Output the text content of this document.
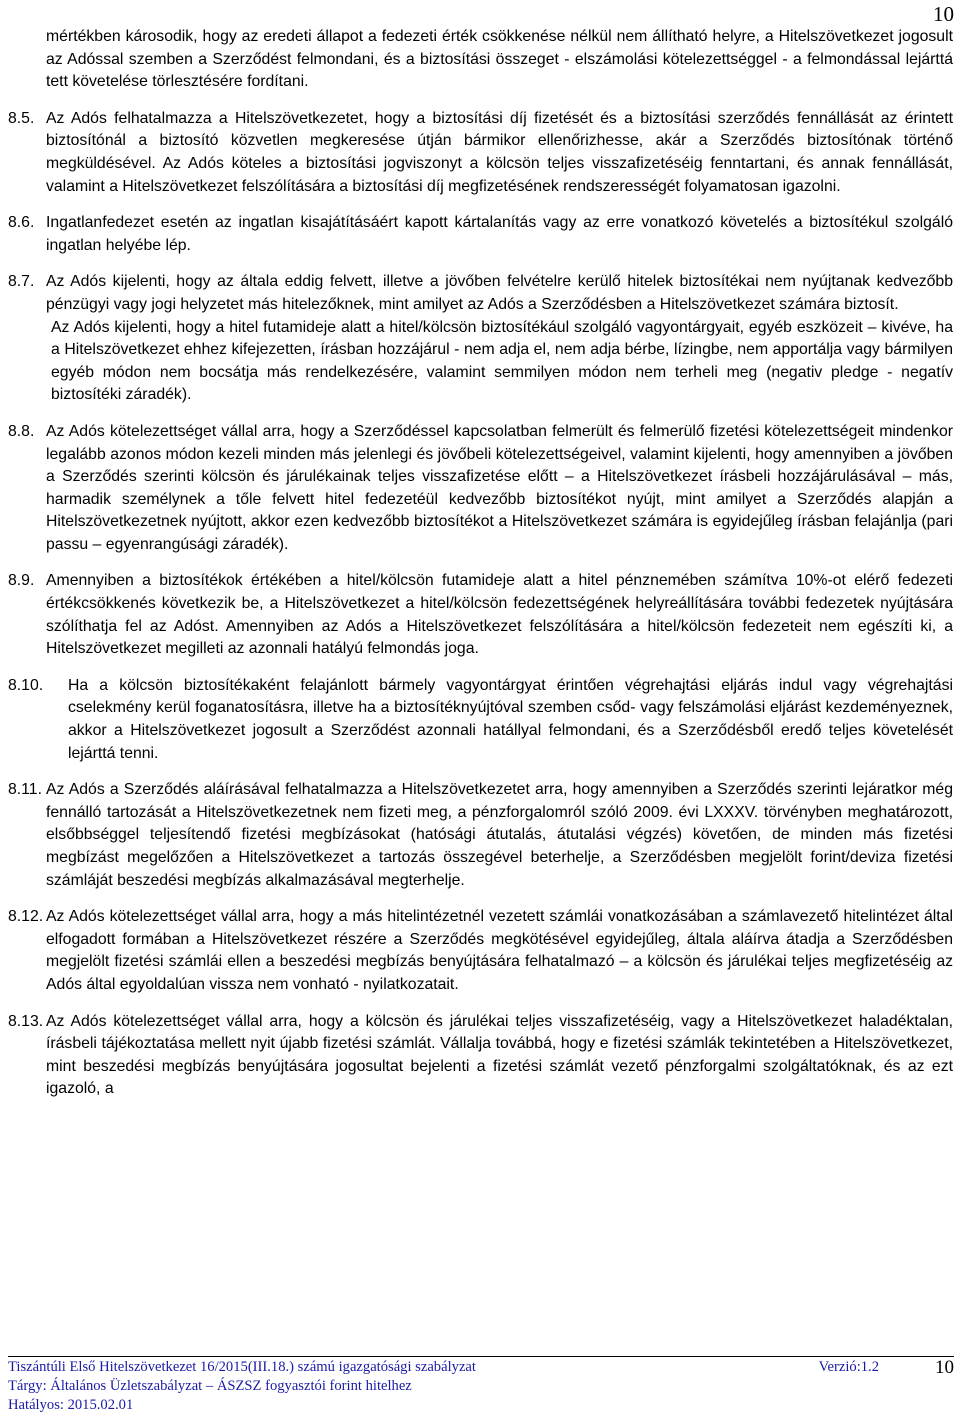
10
mértékben károsodik, hogy az eredeti állapot a fedezeti érték csökkenése nélkül nem állítható helyre, a Hitelszövetkezet jogosult az Adóssal szemben a Szerződést felmondani, és a biztosítási összeget - elszámolási kötelezettséggel - a felmondással lejárttá tett követelése törlesztésére fordítani.
8.5. Az Adós felhatalmazza a Hitelszövetkezetet, hogy a biztosítási díj fizetését és a biztosítási szerződés fennállását az érintett biztosítónál a biztosító közvetlen megkeresése útján bármikor ellenőrizhesse, akár a Szerződés biztosítónak történő megküldésével. Az Adós köteles a biztosítási jogviszonyt a kölcsön teljes visszafizetéséig fenntartani, és annak fennállását, valamint a Hitelszövetkezet felszólítására a biztosítási díj megfizetésének rendszerességét folyamatosan igazolni.

8.6. Ingatlanfedezet esetén az ingatlan kisajátításáért kapott kártalanítás vagy az erre vonatkozó követelés a biztosítékul szolgáló ingatlan helyébe lép.

8.7. Az Adós kijelenti, hogy az általa eddig felvett, illetve a jövőben felvételre kerülő hitelek biztosítékai nem nyújtanak kedvezőbb pénzügyi vagy jogi helyzetet más hitelezőknek, mint amilyet az Adós a Szerződésben a Hitelszövetkezet számára biztosít.

Az Adós kijelenti, hogy a hitel futamideje alatt a hitel/kölcsön biztosítékául szolgáló vagyontárgyait, egyéb eszközeit – kivéve, ha a Hitelszövetkezet ehhez kifejezetten, írásban hozzájárul - nem adja el, nem adja bérbe, lízingbe, nem apportálja vagy bármilyen egyéb módon nem bocsátja más rendelkezésére, valamint semmilyen módon nem terheli meg (negativ pledge - negatív biztosítéki záradék).

8.8. Az Adós kötelezettséget vállal arra, hogy a Szerződéssel kapcsolatban felmerült és felmerülő fizetési kötelezettségeit mindenkor legalább azonos módon kezeli minden más jelenlegi és jövőbeli kötelezettségeivel, valamint kijelenti, hogy amennyiben a jövőben a Szerződés szerinti kölcsön és járulékainak teljes visszafizetése előtt – a Hitelszövetkezet írásbeli hozzájárulásával – más, harmadik személynek a tőle felvett hitel fedezetéül kedvezőbb biztosítékot nyújt, mint amilyet a Szerződés alapján a Hitelszövetkezetnek nyújtott, akkor ezen kedvezőbb biztosítékot a Hitelszövetkezet számára is egyidejűleg írásban felajánlja (pari passu – egyenrangúsági záradék).

8.9. Amennyiben a biztosítékok értékében a hitel/kölcsön futamideje alatt a hitel pénznemében számítva 10%-ot elérő fedezeti értékcsökkenés következik be, a Hitelszövetkezet a hitel/kölcsön fedezettségének helyreállítására további fedezetek nyújtására szólíthatja fel az Adóst. Amennyiben az Adós a Hitelszövetkezet felszólítására a hitel/kölcsön fedezeteit nem egészíti ki, a Hitelszövetkezet megilleti az azonnali hatályú felmondás joga.

8.10.	Ha a kölcsön biztosítékaként felajánlott bármely vagyontárgyat érintően végrehajtási eljárás indul vagy végrehajtási cselekmény kerül foganatosításra, illetve ha a biztosítéknyújtóval szemben csőd- vagy felszámolási eljárást kezdeményeznek, akkor a Hitelszövetkezet jogosult a Szerződést azonnali hatállyal felmondani, és a Szerződésből eredő teljes követelését lejárttá tenni.

8.11. Az Adós a Szerződés aláírásával felhatalmazza a Hitelszövetkezetet arra, hogy amennyiben a Szerződés szerinti lejáratkor még fennálló tartozását a Hitelszövetkezetnek nem fizeti meg, a pénzforgalomról szóló 2009. évi LXXXV. törvényben meghatározott, elsőbbséggel teljesítendő fizetési megbízásokat (hatósági átutalás, átutalási végzés) követően, de minden más fizetési megbízást megelőzően a Hitelszövetkezet a tartozás összegével beterhelje, a Szerződésben megjelölt forint/deviza fizetési számláját beszedési megbízás alkalmazásával megterhelje.

8.12. Az Adós kötelezettséget vállal arra, hogy a más hitelintézetnél vezetett számlái vonatkozásában a számlavezető hitelintézet által elfogadott formában a Hitelszövetkezet részére a Szerződés megkötésével egyidejűleg, általa aláírva átadja a Szerződésben megjelölt fizetési számlái ellen a beszedési megbízás benyújtására felhatalmazó – a kölcsön és járulékai teljes megfizetéséig az Adós által egyoldalúan vissza nem vonható - nyilatkozatait.

8.13. Az Adós kötelezettséget vállal arra, hogy a kölcsön és járulékai teljes visszafizetéséig, vagy a Hitelszövetkezet haladéktalan, írásbeli tájékoztatása mellett nyit újabb fizetési számlát. Vállalja továbbá, hogy e fizetési számlák tekintetében a Hitelszövetkezet, mint beszedési megbízás benyújtására jogosultat bejelenti a fizetési számlát vezető pénzforgalmi szolgáltatóknak, és az ezt igazoló, a

Tiszántúli Első Hitelszövetkezet 16/2015(III.18.) számú igazgatósági szabályzat	Verzió:1.2	10
Tárgy: Általános Üzletszabályzat – ÁSZSZ fogyasztói forint hitelhez
Hatályos: 2015.02.01
